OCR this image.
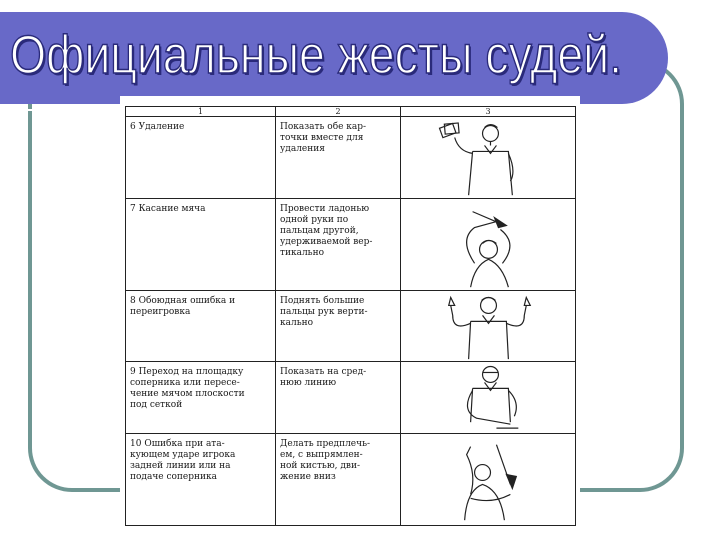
Официальные жесты судей.
1	2	3

6 Удаление	Показать обе кар-
точки вместе для
удаления

7 Касание мяча	Провести ладонью
одной руки по
пальцам другой,
удерживаемой вер-
тикально

8 Обоюдная ошибка и
переигровка	Поднять большие
пальцы рук верти-
кально

9 Переход на площадку
соперника или пересе-
чение мячом плоскости
под сеткой	Показать на сред-
нюю линию

10 Ошибка при ата-
кующем ударе игрока
задней линии или на
подаче соперника	Делать предплечь-
ем, с выпрямлен-
ной кистью, дви-
жение вниз
